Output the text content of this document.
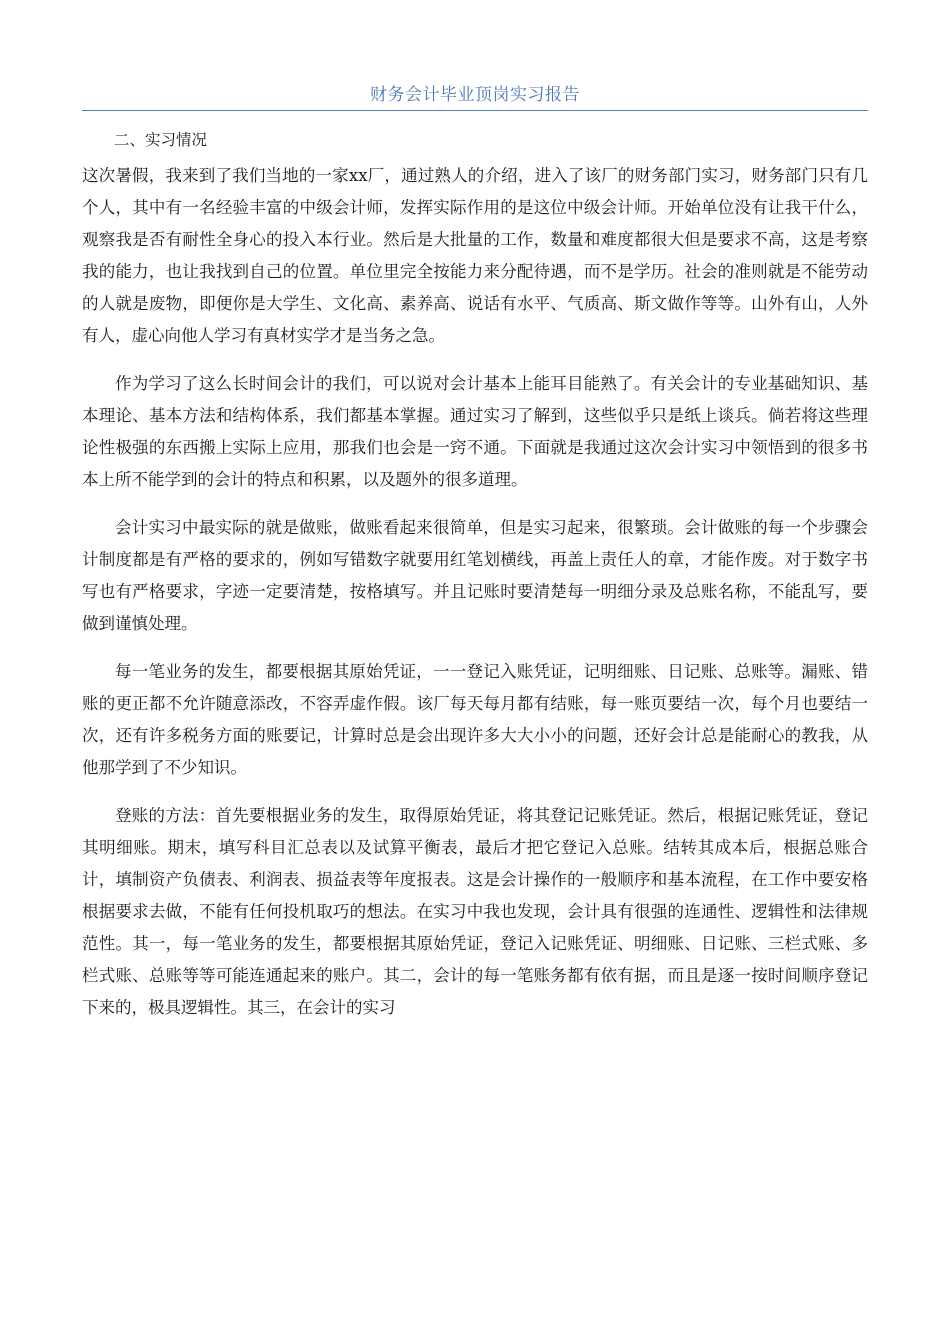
财务会计毕业顶岗实习报告

二、实习情况

这次暑假，我来到了我们当地的一家xx厂，通过熟人的介绍，进入了该厂的财务部门实习，财务部门只有几个人，其中有一名经验丰富的中级会计师，发挥实际作用的是这位中级会计师。开始单位没有让我干什么，观察我是否有耐性全身心的投入本行业。然后是大批量的工作，数量和难度都很大但是要求不高，这是考察我的能力，也让我找到自己的位置。单位里完全按能力来分配待遇，而不是学历。社会的准则就是不能劳动的人就是废物，即便你是大学生、文化高、素养高、说话有水平、气质高、斯文做作等等。山外有山，人外有人，虚心向他人学习有真材实学才是当务之急。

作为学习了这么长时间会计的我们，可以说对会计基本上能耳目能熟了。有关会计的专业基础知识、基本理论、基本方法和结构体系，我们都基本掌握。通过实习了解到，这些似乎只是纸上谈兵。倘若将这些理论性极强的东西搬上实际上应用，那我们也会是一窍不通。下面就是我通过这次会计实习中领悟到的很多书本上所不能学到的会计的特点和积累，以及题外的很多道理。

会计实习中最实际的就是做账，做账看起来很简单，但是实习起来，很繁琐。会计做账的每一个步骤会计制度都是有严格的要求的，例如写错数字就要用红笔划横线，再盖上责任人的章，才能作废。对于数字书写也有严格要求，字迹一定要清楚，按格填写。并且记账时要清楚每一明细分录及总账名称，不能乱写，要做到谨慎处理。

每一笔业务的发生，都要根据其原始凭证，一一登记入账凭证，记明细账、日记账、总账等。漏账、错账的更正都不允许随意添改，不容弄虚作假。该厂每天每月都有结账，每一账页要结一次，每个月也要结一次，还有许多税务方面的账要记，计算时总是会出现许多大大小小的问题，还好会计总是能耐心的教我，从他那学到了不少知识。

登账的方法：首先要根据业务的发生，取得原始凭证，将其登记记账凭证。然后，根据记账凭证，登记其明细账。期末，填写科目汇总表以及试算平衡表，最后才把它登记入总账。结转其成本后，根据总账合计，填制资产负债表、利润表、损益表等年度报表。这是会计操作的一般顺序和基本流程，在工作中要安格根据要求去做，不能有任何投机取巧的想法。在实习中我也发现，会计具有很强的连通性、逻辑性和法律规范性。其一，每一笔业务的发生，都要根据其原始凭证，登记入记账凭证、明细账、日记账、三栏式账、多栏式账、总账等等可能连通起来的账户。其二，会计的每一笔账务都有依有据，而且是逐一按时间顺序登记下来的，极具逻辑性。其三，在会计的实习
